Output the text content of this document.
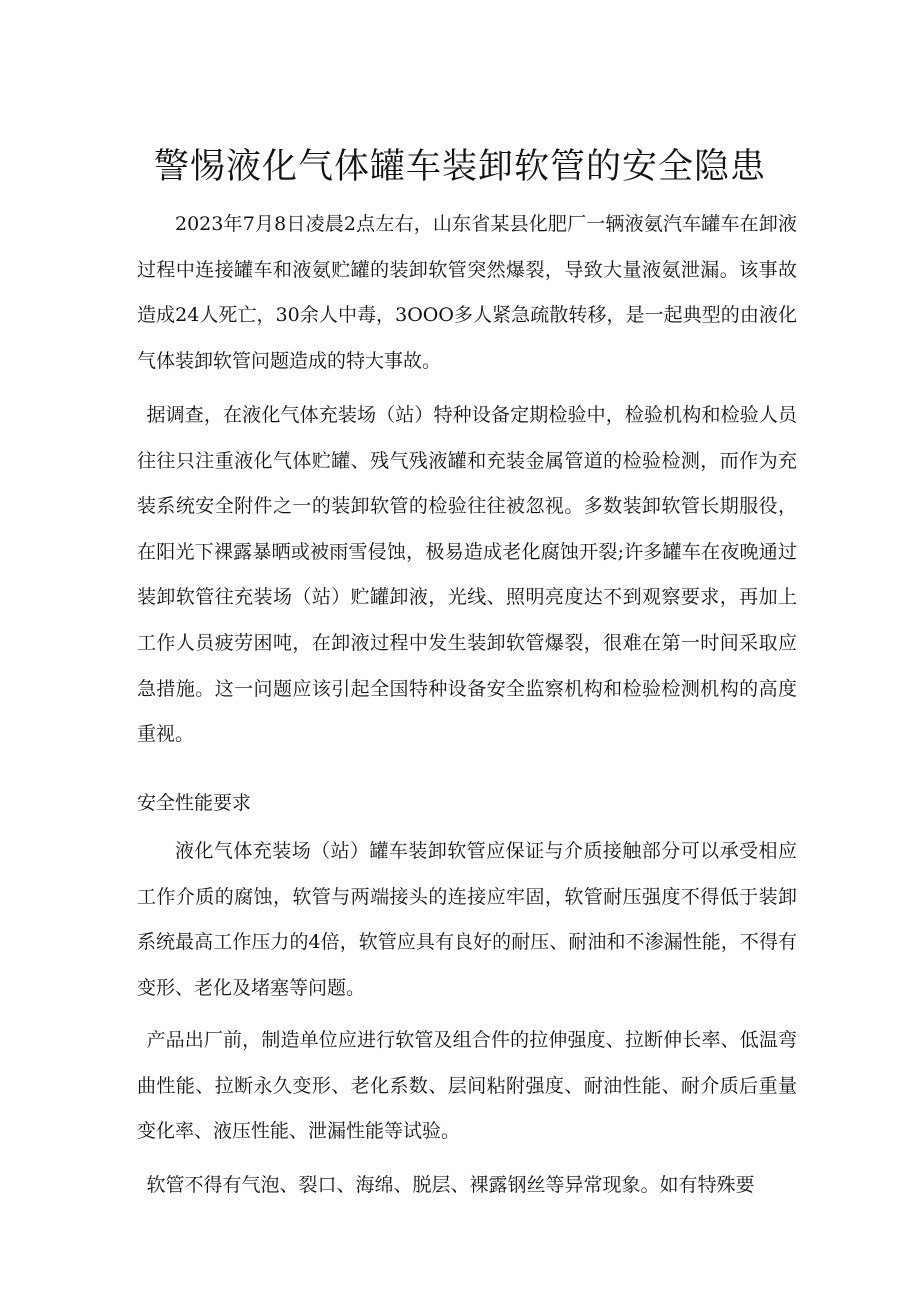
警惕液化气体罐车装卸软管的安全隐患

2023年7月8日凌晨2点左右，山东省某县化肥厂一辆液氨汽车罐车在卸液过程中连接罐车和液氨贮罐的装卸软管突然爆裂，导致大量液氨泄漏。该事故造成24人死亡，30余人中毒，3OOO多人紧急疏散转移，是一起典型的由液化气体装卸软管问题造成的特大事故。

据调查，在液化气体充装场（站）特种设备定期检验中，检验机构和检验人员往往只注重液化气体贮罐、残气残液罐和充装金属管道的检验检测，而作为充装系统安全附件之一的装卸软管的检验往往被忽视。多数装卸软管长期服役，在阳光下裸露暴晒或被雨雪侵蚀，极易造成老化腐蚀开裂;许多罐车在夜晚通过装卸软管往充装场（站）贮罐卸液，光线、照明亮度达不到观察要求，再加上工作人员疲劳困吨，在卸液过程中发生装卸软管爆裂，很难在第一时间采取应急措施。这一问题应该引起全国特种设备安全监察机构和检验检测机构的高度重视。

安全性能要求

液化气体充装场（站）罐车装卸软管应保证与介质接触部分可以承受相应工作介质的腐蚀，软管与两端接头的连接应牢固，软管耐压强度不得低于装卸系统最高工作压力的4倍，软管应具有良好的耐压、耐油和不渗漏性能，不得有变形、老化及堵塞等问题。

产品出厂前，制造单位应进行软管及组合件的拉伸强度、拉断伸长率、低温弯曲性能、拉断永久变形、老化系数、层间粘附强度、耐油性能、耐介质后重量变化率、液压性能、泄漏性能等试验。

软管不得有气泡、裂口、海绵、脱层、裸露钢丝等异常现象。如有特殊要
